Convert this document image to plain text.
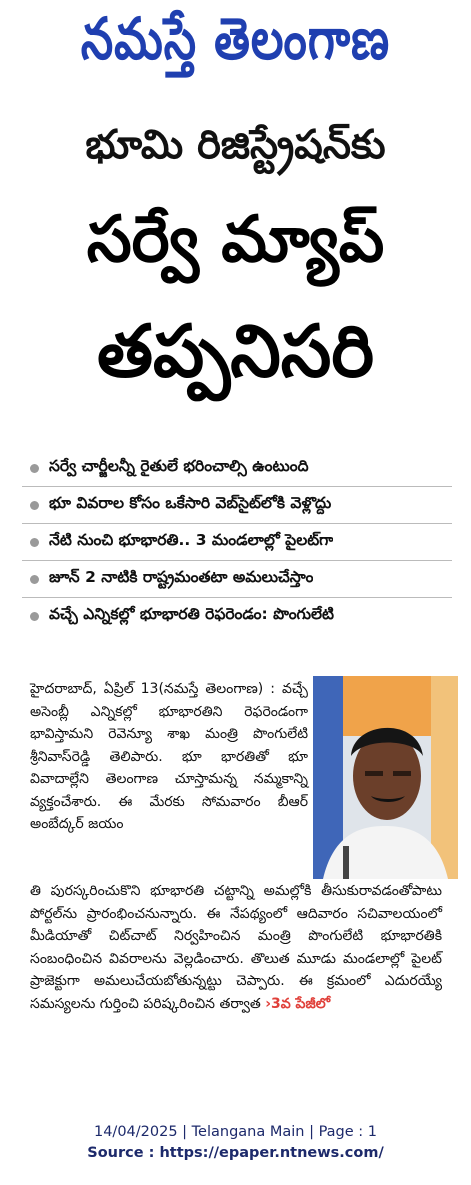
నమస్తే తెలంగాణ
భూమి రిజిస్ట్రేషన్‌కు
సర్వే మ్యాప్
తప్పనిసరి
సర్వే చార్జీలన్నీ రైతులే భరించాల్సి ఉంటుంది
భూ వివరాల కోసం ఒకేసారి వెబ్‌సైట్‌లోకి వెళ్లొద్దు
నేటి నుంచి భూభారతి.. 3 మండలాల్లో పైలట్‌గా
జూన్‌ 2 నాటికి రాష్ట్రమంతటా అమలుచేస్తాం
వచ్చే ఎన్నికల్లో భూభారతి రెఫరెండం: పొంగులేటి

హైదరాబాద్‌, ఏప్రిల్‌ 13(నమస్తే తెలంగాణ) : వచ్చే అసెంబ్లీ ఎన్నికల్లో భూభారతిని రెఫరెండంగా భావిస్తామని రెవెన్యూ శాఖ మంత్రి పొంగులేటి శ్రీనివాస్‌రెడ్డి తెలిపారు. భూ భారతితో భూ వివాదాల్లేని తెలంగాణ చూస్తామన్న నమ్మకాన్ని వ్యక్తంచేశారు. ఈ మేరకు సోమవారం బీఆర్‌ అంబేద్కర్‌ జయం

తి పురస్కరించుకొని భూభారతి చట్టాన్ని అమల్లోకి తీసుకురావడంతోపాటు పోర్టల్‌ను ప్రారంభించనున్నారు. ఈ నేపథ్యంలో ఆదివారం సచివాలయంలో మీడియాతో చిట్‌చాట్‌ నిర్వహించిన మంత్రి పొంగులేటి భూభారతికి సంబంధించిన వివరాలను వెల్లడించారు. తొలుత మూడు మండలాల్లో పైలట్‌ ప్రాజెక్టుగా అమలుచేయబోతున్నట్టు చెప్పారు. ఈ క్రమంలో ఎదురయ్యే సమస్యలను గుర్తించి పరిష్కరించిన తర్వాత ›3వ పేజీలో

14/04/2025 | Telangana Main | Page : 1
Source : https://epaper.ntnews.com/
